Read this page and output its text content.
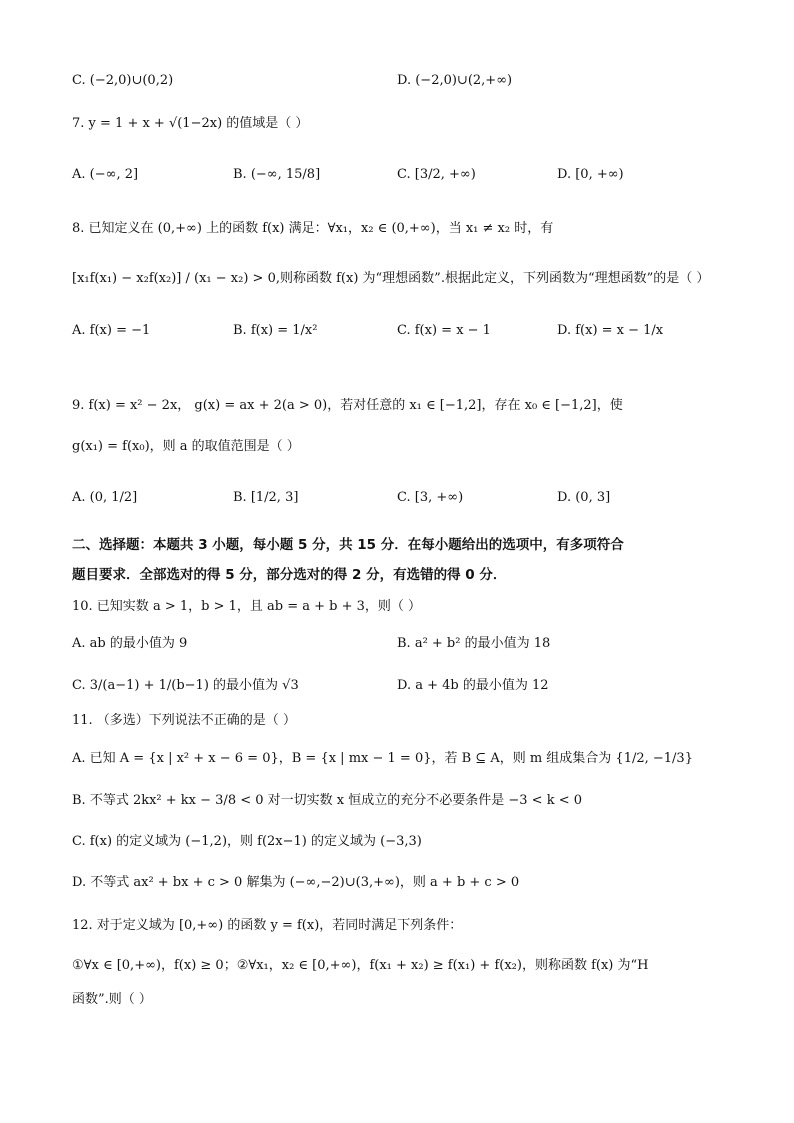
C. (−2,0)∪(0,2)	D. (−2,0)∪(2,+∞)
7. y = 1 + x + √(1−2x) 的值域是（ ）
A. (−∞, 2]	B. (−∞, 15/8]	C. [3/2, +∞)	D. [0, +∞)
8. 已知定义在 (0,+∞) 上的函数 f(x) 满足：∀x₁，x₂ ∈ (0,+∞)，当 x₁ ≠ x₂ 时，有
[x₁f(x₁) − x₂f(x₂)] / (x₁ − x₂) > 0,则称函数 f(x) 为“理想函数”.根据此定义，下列函数为“理想函数”的是（ ）
A. f(x) = −1	B. f(x) = 1/x²	C. f(x) = x − 1	D. f(x) = x − 1/x
9. f(x) = x² − 2x， g(x) = ax + 2(a > 0)，若对任意的 x₁ ∈ [−1,2]，存在 x₀ ∈ [−1,2]，使
g(x₁) = f(x₀)，则 a 的取值范围是（ ）
A. (0, 1/2]	B. [1/2, 3]	C. [3, +∞)	D. (0, 3]
二、选择题：本题共 3 小题，每小题 5 分，共 15 分．在每小题给出的选项中，有多项符合
题目要求．全部选对的得 5 分，部分选对的得 2 分，有选错的得 0 分．
10. 已知实数 a > 1，b > 1，且 ab = a + b + 3，则（ ）
A. ab 的最小值为 9	B. a² + b² 的最小值为 18
C. 3/(a−1) + 1/(b−1) 的最小值为 √3	D. a + 4b 的最小值为 12
11. （多选）下列说法不正确的是（ ）
A. 已知 A = {x | x² + x − 6 = 0}，B = {x | mx − 1 = 0}，若 B ⊆ A，则 m 组成集合为 {1/2, −1/3}
B. 不等式 2kx² + kx − 3/8 < 0 对一切实数 x 恒成立的充分不必要条件是 −3 < k < 0
C. f(x) 的定义域为 (−1,2)，则 f(2x−1) 的定义域为 (−3,3)
D. 不等式 ax² + bx + c > 0 解集为 (−∞,−2)∪(3,+∞)，则 a + b + c > 0
12. 对于定义域为 [0,+∞) 的函数 y = f(x)，若同时满足下列条件：
①∀x ∈ [0,+∞)，f(x) ≥ 0；②∀x₁，x₂ ∈ [0,+∞)，f(x₁ + x₂) ≥ f(x₁) + f(x₂)，则称函数 f(x) 为“H
函数”.则（ ）
